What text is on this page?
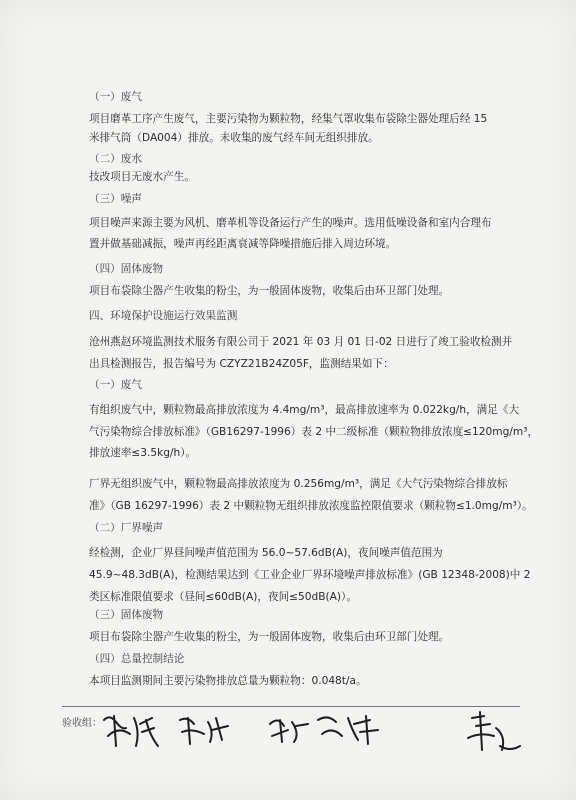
（一）废气
项目磨革工序产生废气，主要污染物为颗粒物，经集气罩收集布袋除尘器处理后经 15
米排气筒（DA004）排放。未收集的废气经车间无组织排放。
（二）废水
技改项目无废水产生。
（三）噪声
项目噪声来源主要为风机、磨革机等设备运行产生的噪声。选用低噪设备和室内合理布
置并做基础减振，噪声再经距离衰减等降噪措施后排入周边环境。
（四）固体废物
项目布袋除尘器产生收集的粉尘，为一般固体废物，收集后由环卫部门处理。
四、环境保护设施运行效果监测
沧州燕赵环境监测技术服务有限公司于 2021 年 03 月 01 日-02 日进行了竣工验收检测并
出具检测报告，报告编号为 CZYZ21B24Z05F，监测结果如下：
（一）废气
有组织废气中，颗粒物最高排放浓度为 4.4mg/m³，最高排放速率为 0.022kg/h，满足《大
气污染物综合排放标准》（GB16297-1996）表 2 中二级标准（颗粒物排放浓度≤120mg/m³，
排放速率≤3.5kg/h）。
厂界无组织废气中，颗粒物最高排放浓度为 0.256mg/m³，满足《大气污染物综合排放标
准》（GB 16297-1996）表 2 中颗粒物无组织排放浓度监控限值要求（颗粒物≤1.0mg/m³）。
（二）厂界噪声
经检测，企业厂界昼间噪声值范围为 56.0~57.6dB(A)，夜间噪声值范围为
45.9~48.3dB(A)，检测结果达到《工业企业厂界环境噪声排放标准》(GB 12348-2008)中 2
类区标准限值要求（昼间≤60dB(A)，夜间≤50dB(A)）。
（三）固体废物
项目布袋除尘器产生收集的粉尘，为一般固体废物，收集后由环卫部门处理。
（四）总量控制结论
本项目监测期间主要污染物排放总量为颗粒物：0.048t/a。
验收组：
